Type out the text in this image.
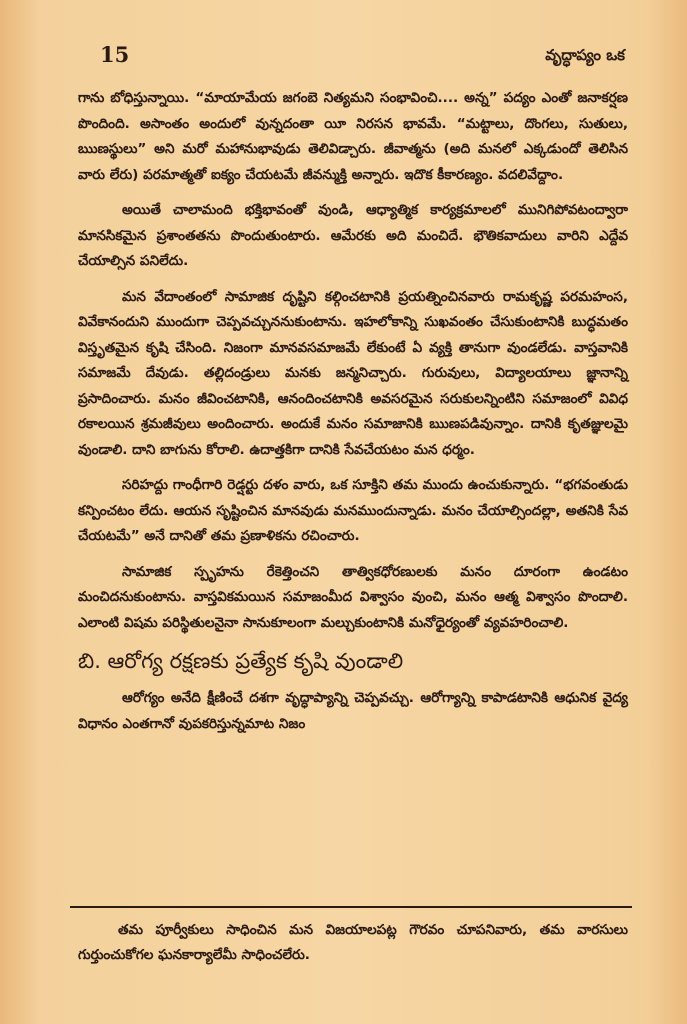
15	వృద్ధాప్యం ఒక

గాను బోధిస్తున్నాయి. “మాయామేయ జగంబె నిత్యమని సంభావించి.... అన్న” పద్యం ఎంతో జనాకర్షణ పొందింది. అసాంతం అందులో వున్నదంతా యీ నిరసన భావమే. “మట్టాలు, దొంగలు, సుతులు, ఋణస్థులు” అని మరో మహానుభావుడు తెలివిడ్చారు. జీవాత్మను (అది మనలో ఎక్కడుందో తెలిసిన వారు లేరు) పరమాత్మతో ఐక్యం చేయటమే జీవన్ముక్తి అన్నారు. ఇదొక కీకారణ్యం. వదలివేద్దాం.

అయితే చాలామంది భక్తిభావంతో వుండి, ఆధ్యాత్మిక కార్యక్రమాలలో మునిగిపోవటంద్వారా మానసికమైన ప్రశాంతతను పొందుతుంటారు. ఆమేరకు అది మంచిదే. భౌతికవాదులు వారిని ఎద్దేవ చేయాల్సిన పనిలేదు.

మన వేదాంతంలో సామాజిక దృష్టిని కల్గించటానికి ప్రయత్నించినవారు రామకృష్ణ పరమహంస, వివేకానందుని ముందుగా చెప్పవచ్చుననుకుంటాను. ఇహలోకాన్ని సుఖవంతం చేసుకుంటానికి బుద్ధమతం విస్తృతమైన కృషి చేసింది. నిజంగా మానవసమాజమే లేకుంటే ఏ వ్యక్తి తానుగా వుండలేడు. వాస్తవానికి సమాజమే దేవుడు. తల్లిదండ్రులు మనకు జన్మనిచ్చారు. గురువులు, విద్యాలయాలు జ్ఞానాన్ని ప్రసాదించారు. మనం జీవించటానికి, ఆనందించటానికి అవసరమైన సరుకులన్నింటిని సమాజంలో వివిధ రకాలయిన శ్రమజీవులు అందించారు. అందుకే మనం సమాజానికి ఋణపడివున్నాం. దానికి కృతజ్ఞులమై వుండాలి. దాని బాగును కోరాలి. ఉదాత్తకిగా దానికి సేవచేయటం మన ధర్మం.

సరిహద్దు గాంధీగారి రెడ్షర్టు దళం వారు, ఒక సూక్తిని తమ ముందు ఉంచుకున్నారు. “భగవంతుడు కన్పించటం లేదు. ఆయన సృష్టించిన మానవుడు మనముందున్నాడు. మనం చేయాల్సిందల్లా, అతనికి సేవ చేయటమే” అనే దానితో తమ ప్రణాళికను రచించారు.

సామాజిక స్పృహను రేకెత్తించని తాత్వికధోరణులకు మనం దూరంగా ఉండటం మంచిదనుకుంటాను. వాస్తవికమయిన సమాజంమీద విశ్వాసం వుంచి, మనం ఆత్మ విశ్వాసం పొందాలి. ఎలాంటి విషమ పరిస్థితులనైనా సానుకూలంగా మల్చుకుంటానికి మనోధైర్యంతో వ్యవహరించాలి.

బి. ఆరోగ్య రక్షణకు ప్రత్యేక కృషి వుండాలి

ఆరోగ్యం అనేది క్షీణించే దశగా వృద్ధాప్యాన్ని చెప్పవచ్చు. ఆరోగ్యాన్ని కాపాడటానికి ఆధునిక వైద్య విధానం ఎంతగానో వుపకరిస్తున్నమాట నిజం

తమ పూర్వీకులు సాధించిన మన విజయాలపట్ల గౌరవం చూపనివారు, తమ వారసులు గుర్తుంచుకోగల ఘనకార్యాలేమీ సాధించలేరు.
